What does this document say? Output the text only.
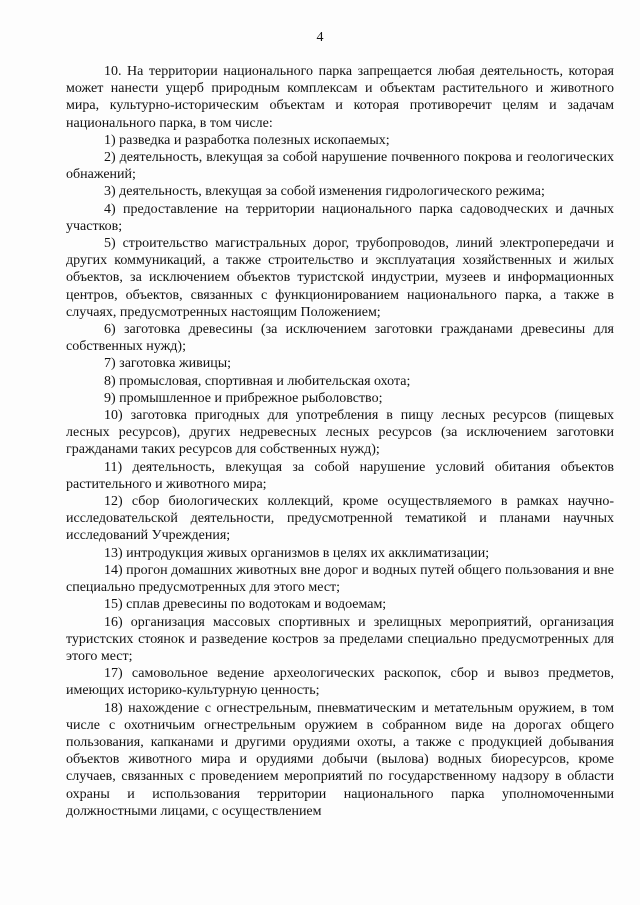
4

10. На территории национального парка запрещается любая деятельность, которая может нанести ущерб природным комплексам и объектам растительного и животного мира, культурно-историческим объектам и которая противоречит целям и задачам национального парка, в том числе:

1) разведка и разработка полезных ископаемых;

2) деятельность, влекущая за собой нарушение почвенного покрова и геологических обнажений;

3) деятельность, влекущая за собой изменения гидрологического режима;

4) предоставление на территории национального парка садоводческих и дачных участков;

5) строительство магистральных дорог, трубопроводов, линий электропередачи и других коммуникаций, а также строительство и эксплуатация хозяйственных и жилых объектов, за исключением объектов туристской индустрии, музеев и информационных центров, объектов, связанных с функционированием национального парка, а также в случаях, предусмотренных настоящим Положением;

6) заготовка древесины (за исключением заготовки гражданами древесины для собственных нужд);

7) заготовка живицы;

8) промысловая, спортивная и любительская охота;

9) промышленное и прибрежное рыболовство;

10) заготовка пригодных для употребления в пищу лесных ресурсов (пищевых лесных ресурсов), других недревесных лесных ресурсов (за исключением заготовки гражданами таких ресурсов для собственных нужд);

11) деятельность, влекущая за собой нарушение условий обитания объектов растительного и животного мира;

12) сбор биологических коллекций, кроме осуществляемого в рамках научно-исследовательской деятельности, предусмотренной тематикой и планами научных исследований Учреждения;

13) интродукция живых организмов в целях их акклиматизации;

14) прогон домашних животных вне дорог и водных путей общего пользования и вне специально предусмотренных для этого мест;

15) сплав древесины по водотокам и водоемам;

16) организация массовых спортивных и зрелищных мероприятий, организация туристских стоянок и разведение костров за пределами специально предусмотренных для этого мест;

17) самовольное ведение археологических раскопок, сбор и вывоз предметов, имеющих историко-культурную ценность;

18) нахождение с огнестрельным, пневматическим и метательным оружием, в том числе с охотничьим огнестрельным оружием в собранном виде на дорогах общего пользования, капканами и другими орудиями охоты, а также с продукцией добывания объектов животного мира и орудиями добычи (вылова) водных биоресурсов, кроме случаев, связанных с проведением мероприятий по государственному надзору в области охраны и использования территории национального парка уполномоченными должностными лицами, с осуществлением
